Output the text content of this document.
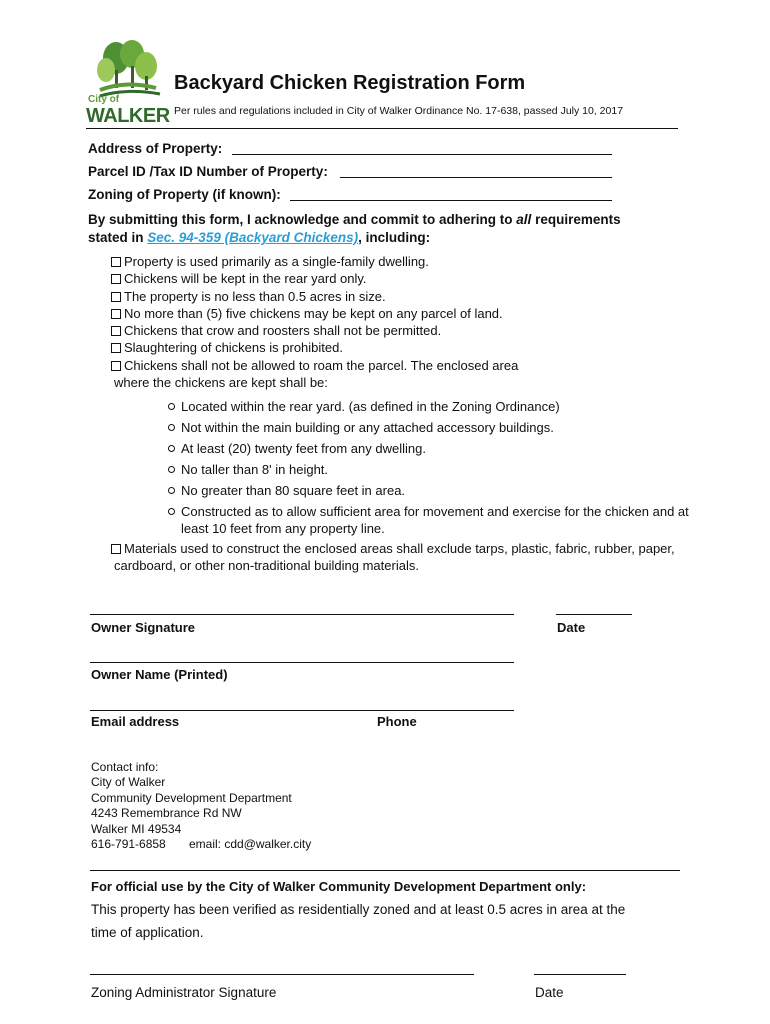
City of
WALKER
Backyard Chicken Registration Form
Per rules and regulations included in City of Walker Ordinance No. 17-638, passed July 10, 2017
Address of Property:
Parcel ID /Tax ID Number of Property:
Zoning of Property (if known):
By submitting this form, I acknowledge and commit to adhering to all requirements
stated in Sec. 94-359 (Backyard Chickens), including:
Property is used primarily as a single-family dwelling.
Chickens will be kept in the rear yard only.
The property is no less than 0.5 acres in size.
No more than (5) five chickens may be kept on any parcel of land.
Chickens that crow and roosters shall not be permitted.
Slaughtering of chickens is prohibited.
Chickens shall not be allowed to roam the parcel. The enclosed area
where the chickens are kept shall be:
Located within the rear yard. (as defined in the Zoning Ordinance)
Not within the main building or any attached accessory buildings.
At least (20) twenty feet from any dwelling.
No taller than 8' in height.
No greater than 80 square feet in area.
Constructed as to allow sufficient area for movement and exercise for the chicken and at
least 10 feet from any property line.
Materials used to construct the enclosed areas shall exclude tarps, plastic, fabric, rubber, paper,
cardboard, or other non-traditional building materials.
Owner Signature	Date
Owner Name (Printed)
Email address	Phone
Contact info:
City of Walker
Community Development Department
4243 Remembrance Rd NW
Walker MI 49534
616-791-6858 email: cdd@walker.city
For official use by the City of Walker Community Development Department only:
This property has been verified as residentially zoned and at least 0.5 acres in area at the
time of application.
Zoning Administrator Signature	Date
